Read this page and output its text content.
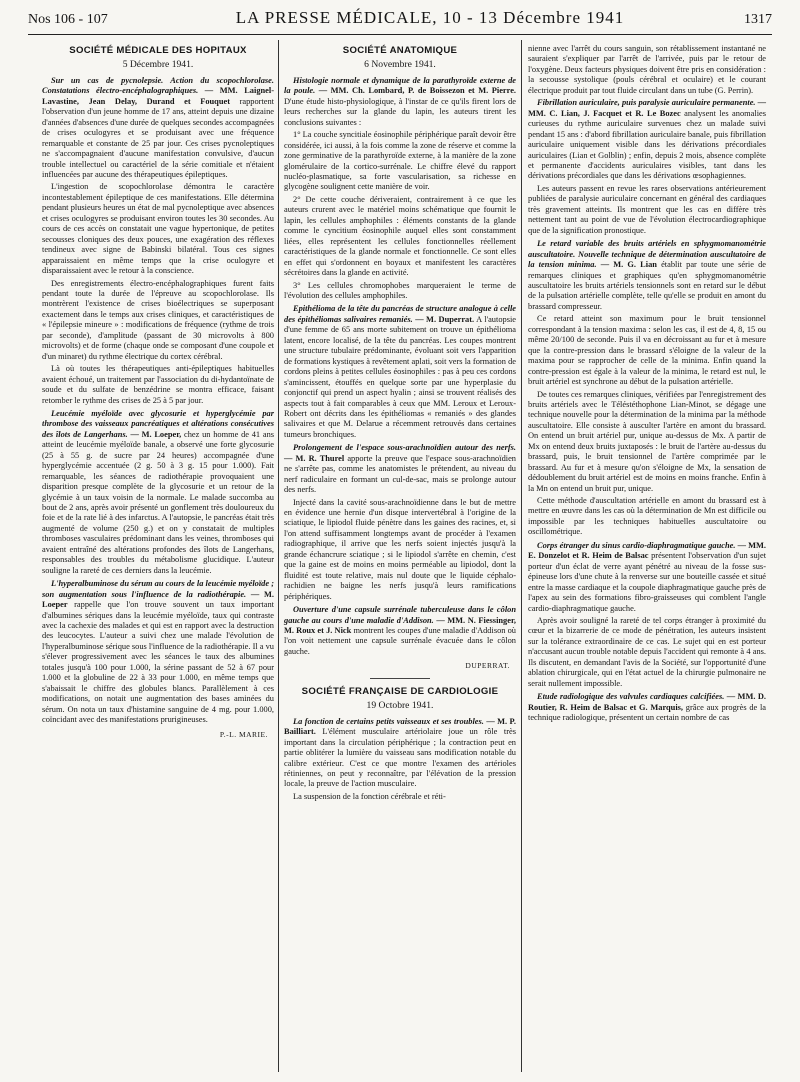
Nos 106 - 107	LA PRESSE MÉDICALE, 10 - 13 Décembre 1941	1317
SOCIÉTÉ MÉDICALE DES HOPITAUX
5 Décembre 1941.

Sur un cas de pycnolepsie. Action du scopochlorolase. Constatations électro-encéphalographiques. — MM. Laignel-Lavastine, Jean Delay, Durand et Fouquet rapportent l'observation d'un jeune homme de 17 ans, atteint depuis une dizaine d'années d'absences d'une durée de quelques secondes accompagnées de crises oculogyres et se produisant avec une fréquence remarquable et constante de 25 par jour. Ces crises pycnoleptiques ne s'accompagnaient d'aucune manifestation convulsive, d'aucun trouble intellectuel ou caractériel de la série comitiale et n'étaient influencées par aucune des thérapeutiques épileptiques.

L'ingestion de scopochlorolase démontra le caractère incontestablement épileptique de ces manifestations. Elle détermina pendant plusieurs heures un état de mal pycnoleptique avec absences et crises oculogyres se produisant environ toutes les 30 secondes. Au cours de ces accès on constatait une vague hypertonique, de petites secousses cloniques des deux pouces, une exagération des réflexes tendineux avec signe de Babinski bilatéral. Tous ces signes apparaissaient en même temps que la crise oculogyre et disparaissaient avec le retour à la conscience.

Des enregistrements électro-encéphalographiques furent faits pendant toute la durée de l'épreuve au scopochlorolase. Ils montrèrent l'existence de crises bioélectriques se superposant exactement dans le temps aux crises cliniques, et caractéristiques de « l'épilepsie mineure » : modifications de fréquence (rythme de trois par seconde), d'amplitude (passant de 30 microvolts à 800 microvolts) et de forme (chaque onde se composant d'une coupole et d'un minaret) du rythme électrique du cortex cérébral.

Là où toutes les thérapeutiques anti-épileptiques habituelles avaient échoué, un traitement par l'association du di-hydantoïnate de soude et du sulfate de benzédrine se montra efficace, faisant retomber le rythme des crises de 25 à 5 par jour.

Leucémie myéloïde avec glycosurie et hyperglycémie par thrombose des vaisseaux pancréatiques et altérations consécutives des îlots de Langerhans. — M. Loeper, chez un homme de 41 ans atteint de leucémie myéloïde banale, a observé une forte glycosurie (25 à 55 g. de sucre par 24 heures) accompagnée d'une hyperglycémie accentuée (2 g. 50 à 3 g. 15 pour 1.000). Fait remarquable, les séances de radiothérapie provoquaient une disparition presque complète de la glycosurie et un retour de la glycémie à un taux voisin de la normale. Le malade succomba au bout de 2 ans, après avoir présenté un gonflement très douloureux du foie et de la rate lié à des infarctus. A l'autopsie, le pancréas était très augmenté de volume (250 g.) et on y constatait de multiples thromboses vasculaires prédominant dans les veines, thromboses qui avaient entraîné des altérations profondes des îlots de Langerhans, responsables des troubles du métabolisme glucidique. L'auteur souligne la rareté de ces derniers dans la leucémie.

L'hyperalbuminose du sérum au cours de la leucémie myéloïde ; son augmentation sous l'influence de la radiothérapie. — M. Loeper rappelle que l'on trouve souvent un taux important d'albumines sériques dans la leucémie myéloïde, taux qui contraste avec la cachexie des malades et qui est en rapport avec la destruction des leucocytes. L'auteur a suivi chez une malade l'évolution de l'hyperalbuminose sérique sous l'influence de la radiothérapie. Il a vu s'élever progressivement avec les séances le taux des albumines totales jusqu'à 100 pour 1.000, la sérine passant de 52 à 67 pour 1.000 et la globuline de 22 à 33 pour 1.000, en même temps que s'abaissait le chiffre des globules blancs. Parallèlement à ces modifications, on notait une augmentation des bases aminées du sérum. On nota un taux d'histamine sanguine de 4 mg. pour 1.000, coïncidant avec des manifestations prurigineuses.

P.-L. MARIE.
SOCIÉTÉ ANATOMIQUE
6 Novembre 1941.

Histologie normale et dynamique de la parathyroïde externe de la poule. — MM. Ch. Lombard, P. de Boissezon et M. Pierre. D'une étude histo-physiologique, à l'instar de ce qu'ils firent lors de leurs recherches sur la glande du lapin, les auteurs tirent les conclusions suivantes :

1° La couche syncitiale éosinophile périphérique paraît devoir être considérée, ici aussi, à la fois comme la zone de réserve et comme la zone germinative de la parathyroïde externe, à la manière de la zone glomérulaire de la cortico-surrénale. Le chiffre élevé du rapport nucléo-plasmatique, sa forte vascularisation, sa richesse en glycogène soulignent cette manière de voir.

2° De cette couche dériveraient, contrairement à ce que les auteurs crurent avec le matériel moins schématique que fournit le lapin, les cellules amphophiles : éléments constants de la glande comme le cyncitium éosinophile auquel elles sont constamment liées, elles représentent les cellules fonctionnelles réellement caractéristiques de la glande normale et fonctionnelle. Ce sont elles en effet qui s'ordonnent en boyaux et manifestent les caractères sécrétoires dans la glande en activité.

3° Les cellules chromophobes marqueraient le terme de l'évolution des cellules amphophiles.

Epithélioma de la tête du pancréas de structure analogue à celle des épithéliomas salivaires remaniés. — M. Duperrat. A l'autopsie d'une femme de 65 ans morte subitement on trouve un épithélioma latent, encore localisé, de la tête du pancréas. Les coupes montrent une structure tubulaire prédominante, évoluant soit vers l'apparition de formations kystiques à revêtement aplati, soit vers la formation de cordons pleins à petites cellules éosinophiles : pas à peu ces cordons s'amincissent, étouffés en quelque sorte par une hyperplasie du conjonctif qui prend un aspect hyalin ; ainsi se trouvent réalisés des aspects tout à fait comparables à ceux que MM. Leroux et Leroux-Robert ont décrits dans les épithéliomas « remaniés » des glandes salivaires et que M. Delarue a récemment retrouvés dans certaines tumeurs bronchiques.

Prolongement de l'espace sous-arachnoïdien autour des nerfs. — M. R. Thurel apporte la preuve que l'espace sous-arachnoïdien ne s'arrête pas, comme les anatomistes le prétendent, au niveau du nerf radiculaire en formant un cul-de-sac, mais se prolonge autour des nerfs.

Injecté dans la cavité sous-arachnoïdienne dans le but de mettre en évidence une hernie d'un disque intervertébral à l'origine de la sciatique, le lipiodol fluide pénètre dans les gaines des racines, et, si l'on attend suffisamment longtemps avant de procéder à l'examen radiographique, il arrive que les nerfs soient injectés jusqu'à la grande échancrure sciatique ; si le lipiodol s'arrête en chemin, c'est que la gaine est de moins en moins perméable au lipiodol, dont la fluidité est toute relative, mais nul doute que le liquide céphalo-rachidien ne baigne les nerfs jusqu'à leurs ramifications périphériques.

Ouverture d'une capsule surrénale tuberculeuse dans le côlon gauche au cours d'une maladie d'Addison. — MM. N. Fiessinger, M. Roux et J. Nick montrent les coupes d'une maladie d'Addison où l'on voit nettement une capsule surrénale évacuée dans le côlon gauche.

DUPERRAT.
SOCIÉTÉ FRANÇAISE DE CARDIOLOGIE
19 Octobre 1941.

La fonction de certains petits vaisseaux et ses troubles. — M. P. Bailliart. L'élément musculaire artériolaire joue un rôle très important dans la circulation périphérique ; la contraction peut en partie oblitérer la lumière du vaisseau sans modification notable du calibre extérieur. C'est ce que montre l'examen des artérioles rétiniennes, on peut y reconnaître, par l'élévation de la pression locale, la preuve de l'action musculaire.

La suspension de la fonction cérébrale et réti-

nienne avec l'arrêt du cours sanguin, son rétablissement instantané ne sauraient s'expliquer par l'arrêt de l'arrivée, puis par le retour de l'oxygène. Deux facteurs physiques doivent être pris en considération : la secousse systolique (pouls cérébral et oculaire) et le courant électrique produit par tout fluide circulant dans un tube (G. Perrin).

Fibrillation auriculaire, puis paralysie auriculaire permanente. — MM. C. Lian, J. Facquet et R. Le Bozec analysent les anomalies curieuses du rythme auriculaire survenues chez un malade suivi pendant 15 ans : d'abord fibrillation auriculaire banale, puis fibrillation auriculaire uniquement visible dans les dérivations précordiales auriculaires (Lian et Golblin) ; enfin, depuis 2 mois, absence complète et permanente d'accidents auriculaires visibles, tant dans les dérivations précordiales que dans les dérivations œsophagiennes.

Les auteurs passent en revue les rares observations antérieurement publiées de paralysie auriculaire concernant en général des cardiaques très gravement atteints. Ils montrent que les cas en diffère très nettement tant au point de vue de l'évolution électrocardiographique que de la signification pronostique.

Le retard variable des bruits artériels en sphygmomanométrie auscultatoire. Nouvelle technique de détermination auscultatoire de la tension minima. — M. G. Lian établit par toute une série de remarques cliniques et graphiques qu'en sphygmomanométrie auscultatoire les bruits artériels tensionnels sont en retard sur le début de la pulsation artérielle complète, telle qu'elle se produit en amont du brassard compresseur.

Ce retard atteint son maximum pour le bruit tensionnel correspondant à la tension maxima : selon les cas, il est de 4, 8, 15 ou même 20/100 de seconde. Puis il va en décroissant au fur et à mesure que la contre-pression dans le brassard s'éloigne de la valeur de la maxima pour se rapprocher de celle de la minima. Enfin quand la contre-pression est égale à la valeur de la minima, le retard est nul, le bruit artériel est synchrone au début de la pulsation artérielle.

De toutes ces remarques cliniques, vérifiées par l'enregistrement des bruits artériels avec le Téléstéthophone Lian-Minot, se dégage une technique nouvelle pour la détermination de la minima par la méthode auscultatoire. Elle consiste à ausculter l'artère en amont du brassard. On entend un bruit artériel pur, unique au-dessus de Mx. A partir de Mx on entend deux bruits juxtaposés : le bruit de l'artère au-dessus du brassard, puis, le bruit tensionnel de l'artère comprimée par le brassard. Au fur et à mesure qu'on s'éloigne de Mx, la sensation de dédoublement du bruit artériel est de moins en moins franche. Enfin à la Mn on entend un bruit pur, unique.

Cette méthode d'auscultation artérielle en amont du brassard est à mettre en œuvre dans les cas où la détermination de Mn est difficile ou impossible par les techniques habituelles auscultatoire ou oscillométrique.

Corps étranger du sinus cardio-diaphragmatique gauche. — MM. E. Donzelot et R. Heim de Balsac présentent l'observation d'un sujet porteur d'un éclat de verre ayant pénétré au niveau de la fosse sus-épineuse lors d'une chute à la renverse sur une bouteille cassée et situé entre la masse cardiaque et la coupole diaphragmatique gauche près de l'apex au sein des formations fibro-graisseuses qui comblent l'angle cardio-diaphragmatique gauche.

Après avoir souligné la rareté de tel corps étranger à proximité du cœur et la bizarrerie de ce mode de pénétration, les auteurs insistent sur la tolérance extraordinaire de ce cas. Le sujet qui en est porteur n'accusant aucun trouble notable depuis l'accident qui remonte à 4 ans. Ils discutent, en demandant l'avis de la Société, sur l'opportunité d'une ablation chirurgicale, qui en l'état actuel de la chirurgie pulmonaire ne serait nullement impossible.

Etude radiologique des valvules cardiaques calcifiées. — MM. D. Routier, R. Heim de Balsac et G. Marquis, grâce aux progrès de la technique radiologique, présentent un certain nombre de cas
